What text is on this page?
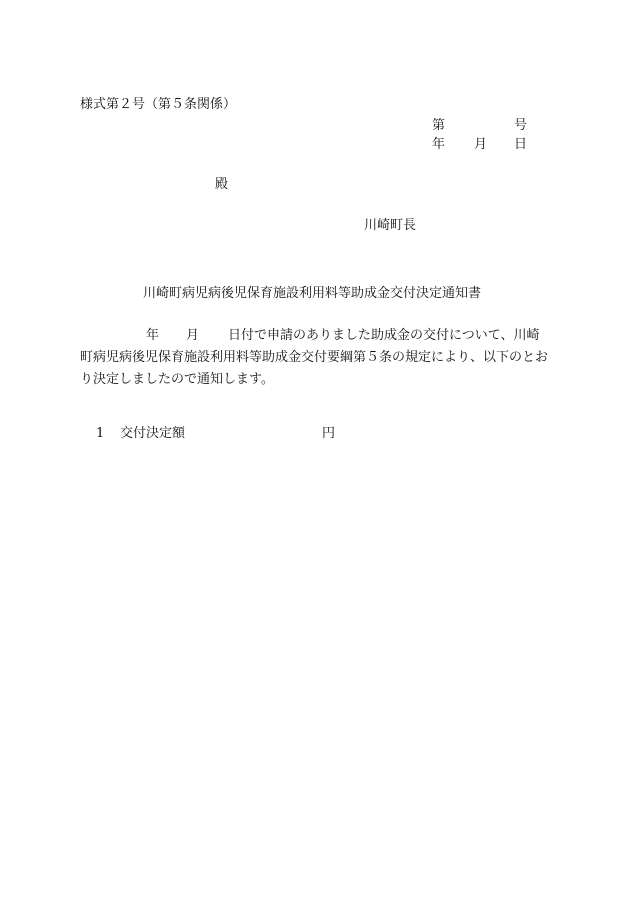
様式第２号（第５条関係）
第	号
年 月 日
殿
川崎町長
川崎町病児病後児保育施設利用料等助成金交付決定通知書
年 月 日付で申請のありました助成金の交付について、川崎町病児病後児保育施設利用料等助成金交付要綱第５条の規定により、以下のとおり決定しましたので通知します。
1 交付決定額	円
